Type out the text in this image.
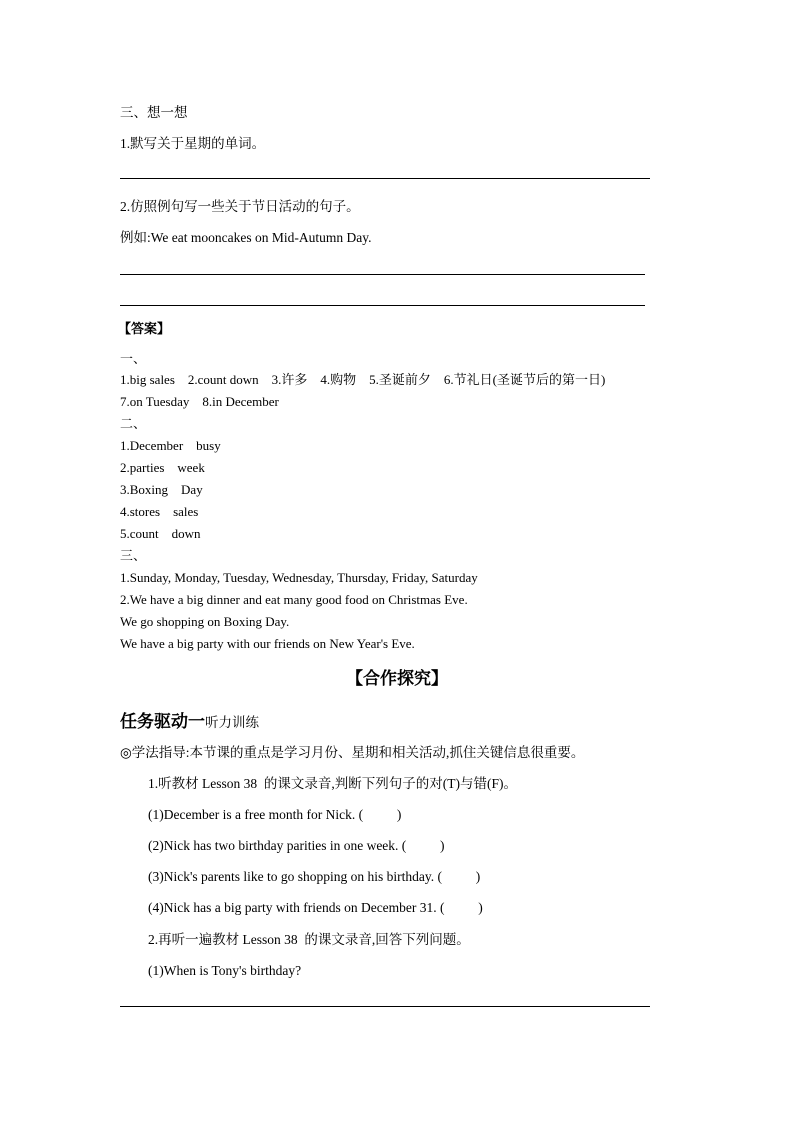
三、想一想
1.默写关于星期的单词。
2.仿照例句写一些关于节日活动的句子。
例如:We eat mooncakes on Mid-Autumn Day.
【答案】
一、
1.big sales    2.count down    3.许多    4.购物    5.圣诞前夕    6.节礼日(圣诞节后的第一日)
7.on Tuesday    8.in December
二、
1.December    busy
2.parties    week
3.Boxing    Day
4.stores    sales
5.count    down
三、
1.Sunday, Monday, Tuesday, Wednesday, Thursday, Friday, Saturday
2.We have a big dinner and eat many good food on Christmas Eve.
We go shopping on Boxing Day.
We have a big party with our friends on New Year's Eve.
【合作探究】
任务驱动一听力训练
◎学法指导:本节课的重点是学习月份、星期和相关活动,抓住关键信息很重要。
1.听教材 Lesson 38  的课文录音,判断下列句子的对(T)与错(F)。
(1)December is a free month for Nick. (          )
(2)Nick has two birthday parities in one week. (          )
(3)Nick's parents like to go shopping on his birthday. (          )
(4)Nick has a big party with friends on December 31. (          )
2.再听一遍教材 Lesson 38  的课文录音,回答下列问题。
(1)When is Tony's birthday?
